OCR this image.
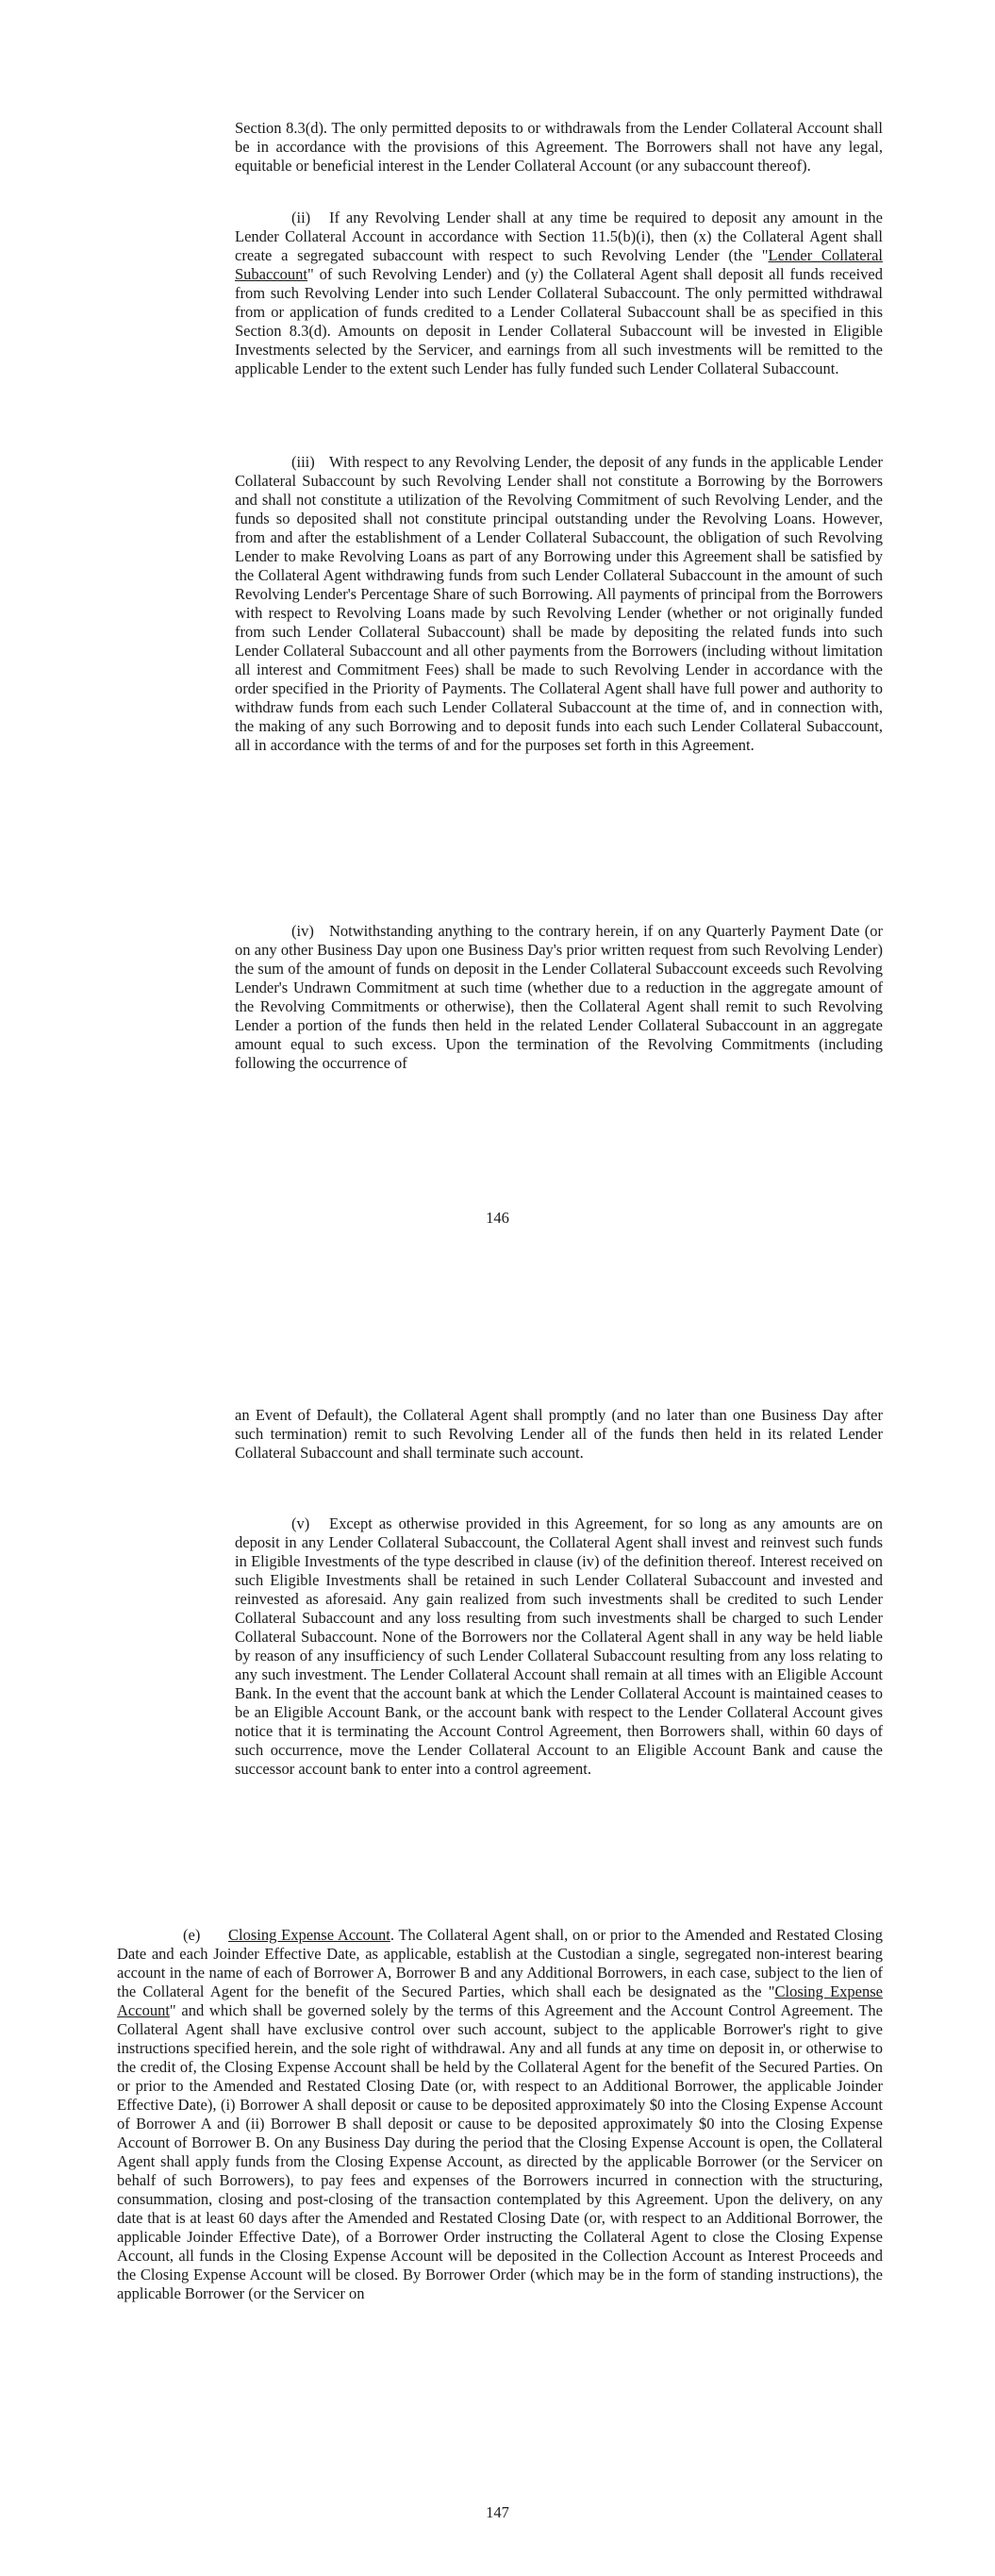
Section 8.3(d). The only permitted deposits to or withdrawals from the Lender Collateral Account shall be in accordance with the provisions of this Agreement. The Borrowers shall not have any legal, equitable or beneficial interest in the Lender Collateral Account (or any subaccount thereof).

(ii) If any Revolving Lender shall at any time be required to deposit any amount in the Lender Collateral Account in accordance with Section 11.5(b)(i), then (x) the Collateral Agent shall create a segregated subaccount with respect to such Revolving Lender (the "Lender Collateral Subaccount" of such Revolving Lender) and (y) the Collateral Agent shall deposit all funds received from such Revolving Lender into such Lender Collateral Subaccount. The only permitted withdrawal from or application of funds credited to a Lender Collateral Subaccount shall be as specified in this Section 8.3(d). Amounts on deposit in Lender Collateral Subaccount will be invested in Eligible Investments selected by the Servicer, and earnings from all such investments will be remitted to the applicable Lender to the extent such Lender has fully funded such Lender Collateral Subaccount.

(iii) With respect to any Revolving Lender, the deposit of any funds in the applicable Lender Collateral Subaccount by such Revolving Lender shall not constitute a Borrowing by the Borrowers and shall not constitute a utilization of the Revolving Commitment of such Revolving Lender, and the funds so deposited shall not constitute principal outstanding under the Revolving Loans. However, from and after the establishment of a Lender Collateral Subaccount, the obligation of such Revolving Lender to make Revolving Loans as part of any Borrowing under this Agreement shall be satisfied by the Collateral Agent withdrawing funds from such Lender Collateral Subaccount in the amount of such Revolving Lender's Percentage Share of such Borrowing. All payments of principal from the Borrowers with respect to Revolving Loans made by such Revolving Lender (whether or not originally funded from such Lender Collateral Subaccount) shall be made by depositing the related funds into such Lender Collateral Subaccount and all other payments from the Borrowers (including without limitation all interest and Commitment Fees) shall be made to such Revolving Lender in accordance with the order specified in the Priority of Payments. The Collateral Agent shall have full power and authority to withdraw funds from each such Lender Collateral Subaccount at the time of, and in connection with, the making of any such Borrowing and to deposit funds into each such Lender Collateral Subaccount, all in accordance with the terms of and for the purposes set forth in this Agreement.

(iv) Notwithstanding anything to the contrary herein, if on any Quarterly Payment Date (or on any other Business Day upon one Business Day's prior written request from such Revolving Lender) the sum of the amount of funds on deposit in the Lender Collateral Subaccount exceeds such Revolving Lender's Undrawn Commitment at such time (whether due to a reduction in the aggregate amount of the Revolving Commitments or otherwise), then the Collateral Agent shall remit to such Revolving Lender a portion of the funds then held in the related Lender Collateral Subaccount in an aggregate amount equal to such excess. Upon the termination of the Revolving Commitments (including following the occurrence of

146

an Event of Default), the Collateral Agent shall promptly (and no later than one Business Day after such termination) remit to such Revolving Lender all of the funds then held in its related Lender Collateral Subaccount and shall terminate such account.

(v) Except as otherwise provided in this Agreement, for so long as any amounts are on deposit in any Lender Collateral Subaccount, the Collateral Agent shall invest and reinvest such funds in Eligible Investments of the type described in clause (iv) of the definition thereof. Interest received on such Eligible Investments shall be retained in such Lender Collateral Subaccount and invested and reinvested as aforesaid. Any gain realized from such investments shall be credited to such Lender Collateral Subaccount and any loss resulting from such investments shall be charged to such Lender Collateral Subaccount. None of the Borrowers nor the Collateral Agent shall in any way be held liable by reason of any insufficiency of such Lender Collateral Subaccount resulting from any loss relating to any such investment. The Lender Collateral Account shall remain at all times with an Eligible Account Bank. In the event that the account bank at which the Lender Collateral Account is maintained ceases to be an Eligible Account Bank, or the account bank with respect to the Lender Collateral Account gives notice that it is terminating the Account Control Agreement, then Borrowers shall, within 60 days of such occurrence, move the Lender Collateral Account to an Eligible Account Bank and cause the successor account bank to enter into a control agreement.

(e) Closing Expense Account. The Collateral Agent shall, on or prior to the Amended and Restated Closing Date and each Joinder Effective Date, as applicable, establish at the Custodian a single, segregated non-interest bearing account in the name of each of Borrower A, Borrower B and any Additional Borrowers, in each case, subject to the lien of the Collateral Agent for the benefit of the Secured Parties, which shall each be designated as the "Closing Expense Account" and which shall be governed solely by the terms of this Agreement and the Account Control Agreement. The Collateral Agent shall have exclusive control over such account, subject to the applicable Borrower's right to give instructions specified herein, and the sole right of withdrawal. Any and all funds at any time on deposit in, or otherwise to the credit of, the Closing Expense Account shall be held by the Collateral Agent for the benefit of the Secured Parties. On or prior to the Amended and Restated Closing Date (or, with respect to an Additional Borrower, the applicable Joinder Effective Date), (i) Borrower A shall deposit or cause to be deposited approximately $0 into the Closing Expense Account of Borrower A and (ii) Borrower B shall deposit or cause to be deposited approximately $0 into the Closing Expense Account of Borrower B. On any Business Day during the period that the Closing Expense Account is open, the Collateral Agent shall apply funds from the Closing Expense Account, as directed by the applicable Borrower (or the Servicer on behalf of such Borrowers), to pay fees and expenses of the Borrowers incurred in connection with the structuring, consummation, closing and post-closing of the transaction contemplated by this Agreement. Upon the delivery, on any date that is at least 60 days after the Amended and Restated Closing Date (or, with respect to an Additional Borrower, the applicable Joinder Effective Date), of a Borrower Order instructing the Collateral Agent to close the Closing Expense Account, all funds in the Closing Expense Account will be deposited in the Collection Account as Interest Proceeds and the Closing Expense Account will be closed. By Borrower Order (which may be in the form of standing instructions), the applicable Borrower (or the Servicer on

147
